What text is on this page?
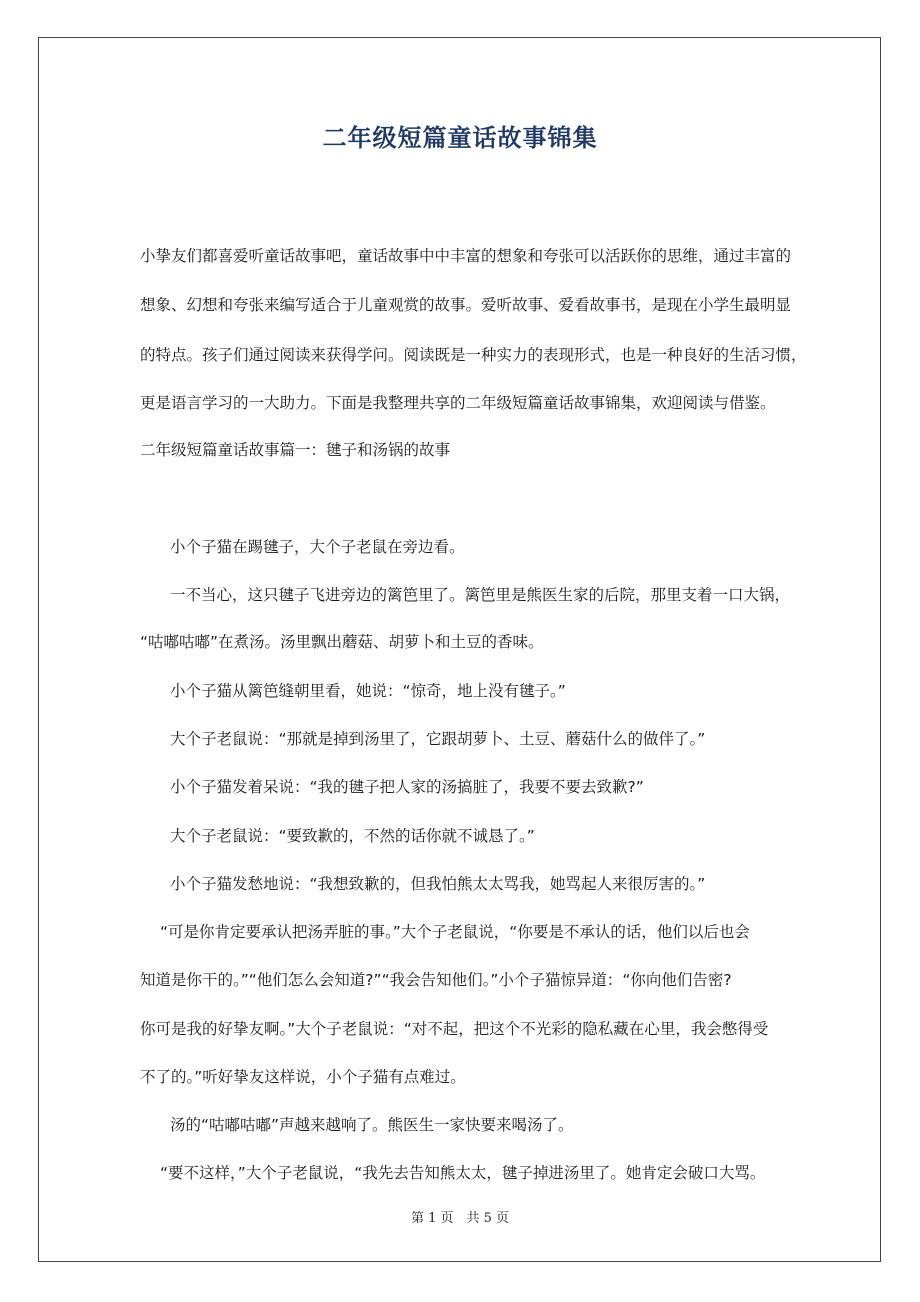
二年级短篇童话故事锦集

小挚友们都喜爱听童话故事吧，童话故事中中丰富的想象和夸张可以活跃你的思维，通过丰富的

想象、幻想和夸张来编写适合于儿童观赏的故事。爱听故事、爱看故事书，是现在小学生最明显

的特点。孩子们通过阅读来获得学问。阅读既是一种实力的表现形式，也是一种良好的生活习惯，

更是语言学习的一大助力。下面是我整理共享的二年级短篇童话故事锦集，欢迎阅读与借鉴。

二年级短篇童话故事篇一：毽子和汤锅的故事

小个子猫在踢毽子，大个子老鼠在旁边看。

一不当心，这只毽子飞进旁边的篱笆里了。篱笆里是熊医生家的后院，那里支着一口大锅，

“咕嘟咕嘟”在煮汤。汤里飘出蘑菇、胡萝卜和土豆的香味。

小个子猫从篱笆缝朝里看，她说：“惊奇，地上没有毽子。”

大个子老鼠说：“那就是掉到汤里了，它跟胡萝卜、土豆、蘑菇什么的做伴了。”

小个子猫发着呆说：“我的毽子把人家的汤搞脏了，我要不要去致歉?”

大个子老鼠说：“要致歉的，不然的话你就不诚恳了。”

小个子猫发愁地说：“我想致歉的，但我怕熊太太骂我，她骂起人来很厉害的。”

“可是你肯定要承认把汤弄脏的事。”大个子老鼠说，“你要是不承认的话，他们以后也会

知道是你干的。”“他们怎么会知道?”“我会告知他们。”小个子猫惊异道：“你向他们告密?

你可是我的好挚友啊。”大个子老鼠说：“对不起，把这个不光彩的隐私藏在心里，我会憋得受

不了的。”听好挚友这样说，小个子猫有点难过。

汤的“咕嘟咕嘟”声越来越响了。熊医生一家快要来喝汤了。

“要不这样，”大个子老鼠说，“我先去告知熊太太，毽子掉进汤里了。她肯定会破口大骂。

第 1 页　共 5 页
